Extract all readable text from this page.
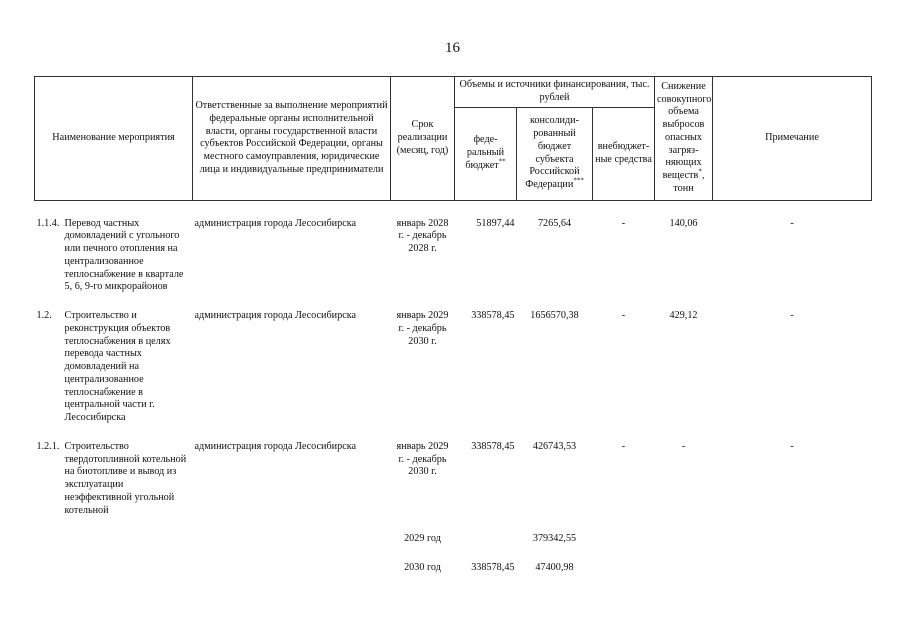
16
Наименование мероприятия	Ответственные за выполнение мероприятий федеральные органы исполнительной власти, органы государственной власти субъектов Российской Федерации, органы местного самоуправления, юридические лица и индивидуальные предприниматели	Срок реализации (месяц, год)	Объемы и источники финансирования, тыс. рублей			Снижение совокупного объема выбросов опасных загряз-няющих веществ*, тонн	Примечание
			феде-ральный бюджет**	консолиди-рованный бюджет субъекта Российской Федерации***	внебюджет-ные средства		

1.1.4. Перевод частных домовладений с угольного или печного отопления на централизованное теплоснабжение в квартале 5, 6, 9-го микрорайонов	администрация города Лесосибирска	январь 2028 г. - декабрь 2028 г.	51897,44	7265,64	-	140,06	-

1.2. Строительство и реконструкция объектов теплоснабжения в целях перевода частных домовладений на централизованное теплоснабжение в центральной части г. Лесосибирска	администрация города Лесосибирска	январь 2029 г. - декабрь 2030 г.	338578,45	1656570,38	-	429,12	-

1.2.1. Строительство твердотопливной котельной на биотопливе и вывод из эксплуатации неэффективной угольной котельной	администрация города Лесосибирска	январь 2029 г. - декабрь 2030 г.	338578,45	426743,53	-	-	-

		2029 год		379342,55			

		2030 год	338578,45	47400,98			
